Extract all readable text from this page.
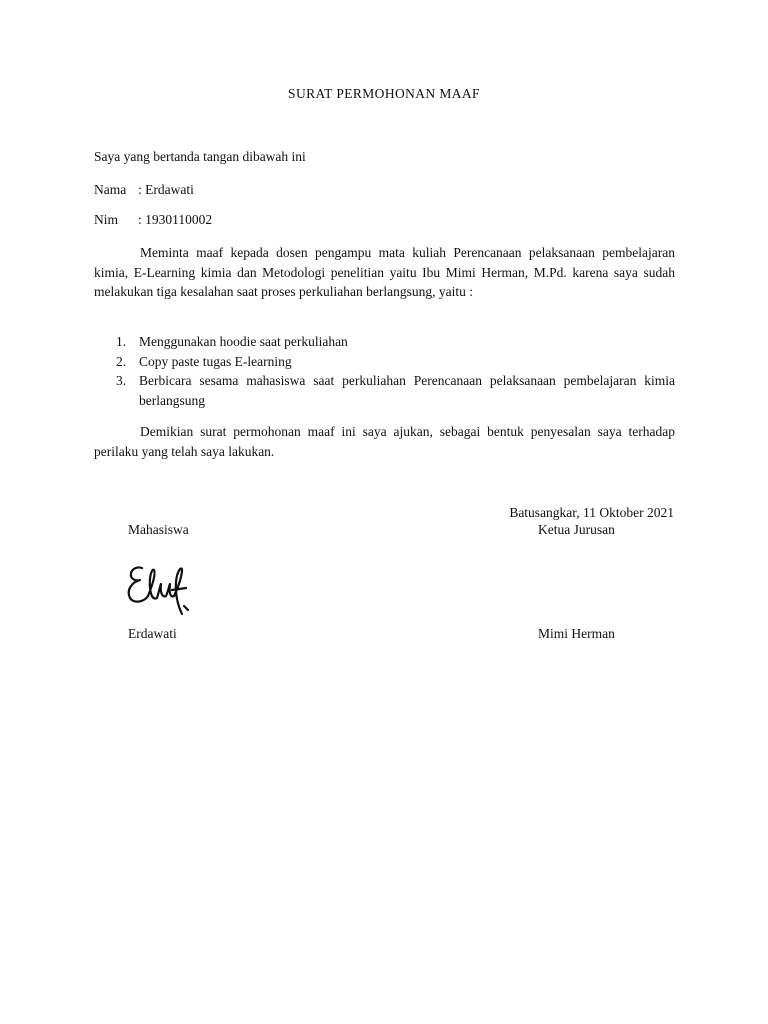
SURAT PERMOHONAN MAAF
Saya yang bertanda tangan dibawah ini
Nama : Erdawati
Nim : 1930110002
Meminta maaf kepada dosen pengampu mata kuliah Perencanaan pelaksanaan pembelajaran kimia, E-Learning kimia dan Metodologi penelitian yaitu Ibu Mimi Herman, M.Pd. karena saya sudah melakukan tiga kesalahan saat proses perkuliahan berlangsung, yaitu :
1. Menggunakan hoodie saat perkuliahan
2. Copy paste tugas E-learning
3. Berbicara sesama mahasiswa saat perkuliahan Perencanaan pelaksanaan pembelajaran kimia berlangsung
Demikian surat permohonan maaf ini saya ajukan, sebagai bentuk penyesalan saya terhadap perilaku yang telah saya lakukan.
Batusangkar, 11 Oktober 2021
Mahasiswa	Ketua Jurusan
Erdawati	Mimi Herman
